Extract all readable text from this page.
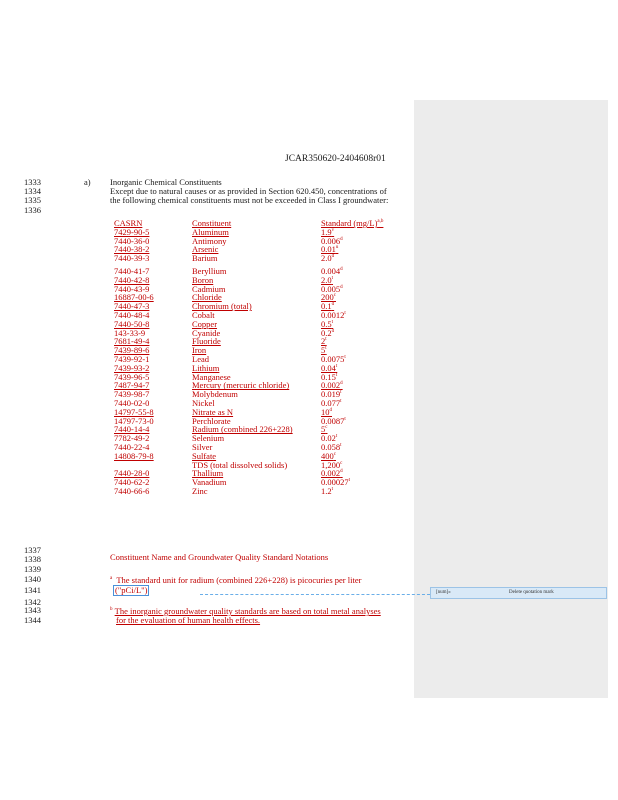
JCAR350620-2404608r01
1333
1334
1335
1336
1337
1338
1339
1340
1341
1342
1343
1344
a) Inorganic Chemical Constituents
Except due to natural causes or as provided in Section 620.450, concentrations of
the following chemical constituents must not be exceeded in Class I groundwater:
CASRN
7429-90-5
7440-36-0
7440-38-2
7440-39-3
7440-41-7
7440-42-8
7440-43-9
16887-00-6
7440-47-3
7440-48-4
7440-50-8
143-33-9
7681-49-4
7439-89-6
7439-92-1
7439-93-2
7439-96-5
7487-94-7
7439-98-7
7440-02-0
14797-55-8
14797-73-0
7440-14-4
7782-49-2
7440-22-4
14808-79-8
7440-28-0
7440-62-2
7440-66-6
Constituent
Aluminum
Antimony
Arsenic
Barium
Beryllium
Boron
Cadmium
Chloride
Chromium (total)
Cobalt
Copper
Cyanide
Fluoride
Iron
Lead
Lithium
Manganese
Mercury (mercuric chloride)
Molybdenum
Nickel
Nitrate as N
Perchlorate
Radium (combined 226+228)
Selenium
Silver
Sulfate
TDS (total dissolved solids)
Thallium
Vanadium
Zinc
Standard $(mg/L)^{a,b}$
1.9$^v$
0.006$^d$
0.01$^u$
2.0$^d$
0.004$^d$
2.0$^t$
0.005$^d$
200$^c$
0.1$^d$
0.0012$^t$
0.5$^t$
0.2$^d$
2$^t$
5$^t$
0.0075$^t$
0.04$^t$
0.15$^t$
0.002$^d$
0.019$^t$
0.077$^t$
10$^d$
0.0087$^t$
5$^c$
0.02$^t$
0.058$^t$
400$^c$
1,200$^c$
0.002$^d$
0.00027$^t$
1.2$^t$
Constituent Name and Groundwater Quality Standard Notations
$^a$ The standard unit for radium (combined 226+228) is picocuries per liter
("pCi/L")
$^b$ The inorganic groundwater quality standards are based on total metal analyses
for the evaluation of human health effects.
[num]»	Delete quotation mark
